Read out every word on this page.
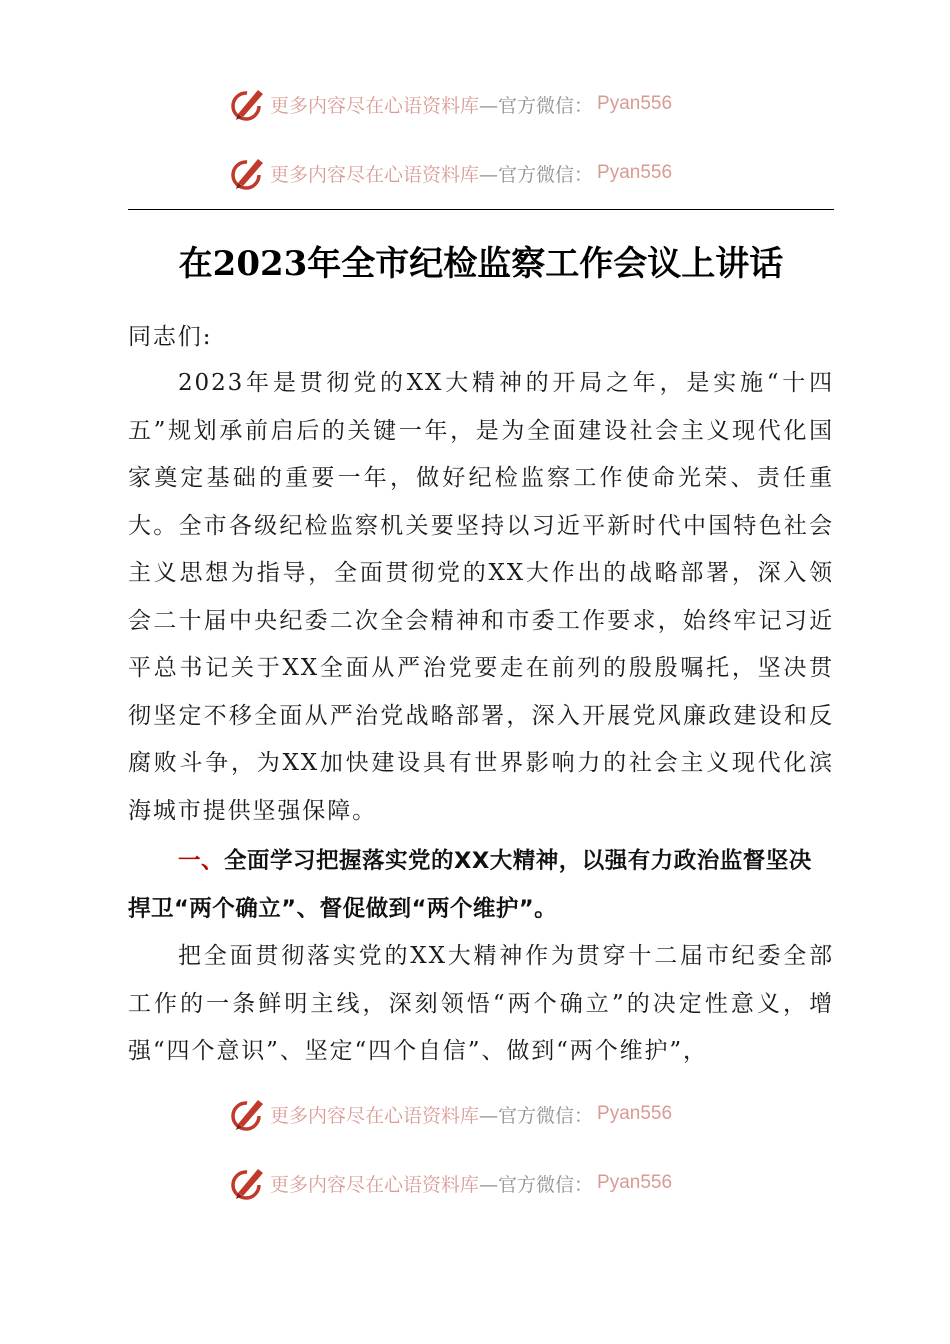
更多内容尽在心语资料库 —官方微信： Pyan556
更多内容尽在心语资料库 —官方微信： Pyan556
在2023年全市纪检监察工作会议上讲话

同志们:

2023年是贯彻党的XX大精神的开局之年，是实施“十四五”规划承前启后的关键一年，是为全面建设社会主义现代化国家奠定基础的重要一年，做好纪检监察工作使命光荣、责任重大。全市各级纪检监察机关要坚持以习近平新时代中国特色社会主义思想为指导，全面贯彻党的XX大作出的战略部署，深入领会二十届中央纪委二次全会精神和市委工作要求，始终牢记习近平总书记关于XX全面从严治党要走在前列的殷殷嘱托，坚决贯彻坚定不移全面从严治党战略部署，深入开展党风廉政建设和反腐败斗争，为XX加快建设具有世界影响力的社会主义现代化滨海城市提供坚强保障。

一、全面学习把握落实党的XX大精神，以强有力政治监督坚决捍卫“两个确立”、督促做到“两个维护”。

把全面贯彻落实党的XX大精神作为贯穿十二届市纪委全部工作的一条鲜明主线，深刻领悟“两个确立”的决定性意义，增强“四个意识”、坚定“四个自信”、做到“两个维护”，

更多内容尽在心语资料库 —官方微信： Pyan556
更多内容尽在心语资料库 —官方微信： Pyan556
